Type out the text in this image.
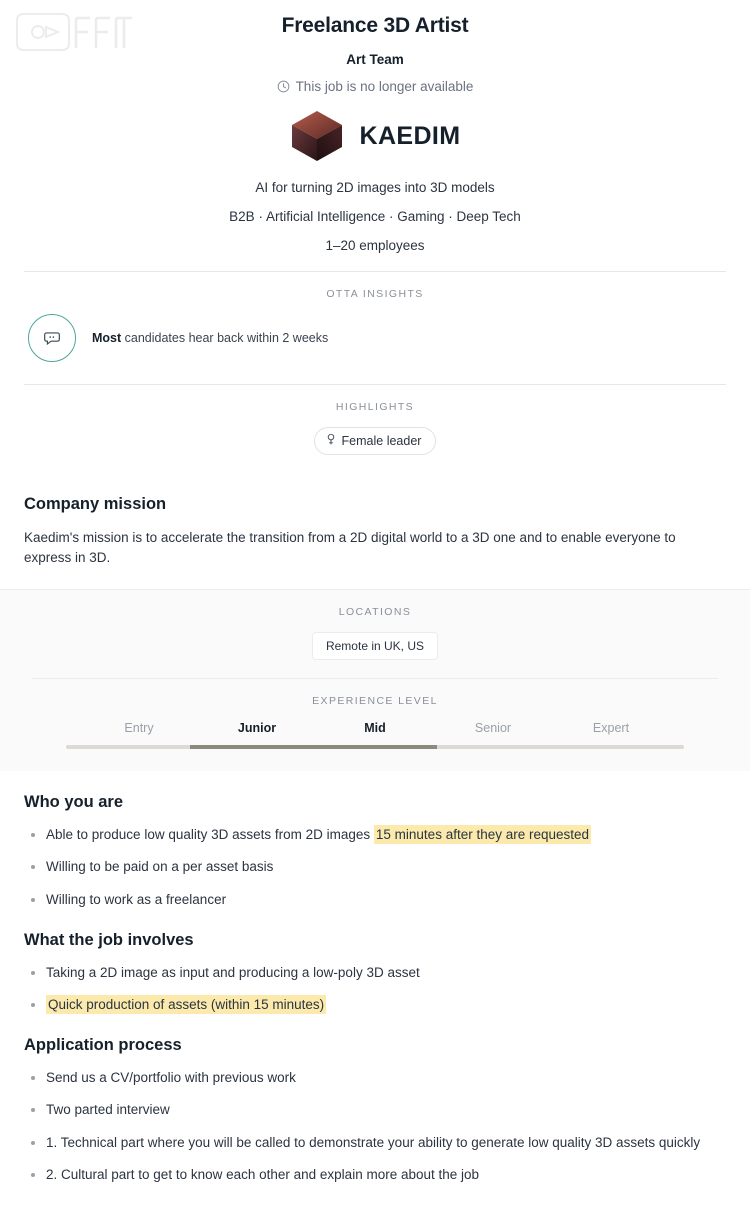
Freelance 3D Artist
Art Team
This job is no longer available
KAEDIM
AI for turning 2D images into 3D models
B2B · Artificial Intelligence · Gaming · Deep Tech
1–20 employees
OTTA INSIGHTS
Most candidates hear back within 2 weeks
HIGHLIGHTS
Female leader
Company mission
Kaedim's mission is to accelerate the transition from a 2D digital world to a 3D one and to enable everyone to express in 3D.
LOCATIONS
Remote in UK, US
EXPERIENCE LEVEL
Entry	Junior	Mid	Senior	Expert
Who you are
Able to produce low quality 3D assets from 2D images 15 minutes after they are requested
Willing to be paid on a per asset basis
Willing to work as a freelancer
What the job involves
Taking a 2D image as input and producing a low-poly 3D asset
Quick production of assets (within 15 minutes)
Application process
Send us a CV/portfolio with previous work
Two parted interview
1. Technical part where you will be called to demonstrate your ability to generate low quality 3D assets quickly
2. Cultural part to get to know each other and explain more about the job
